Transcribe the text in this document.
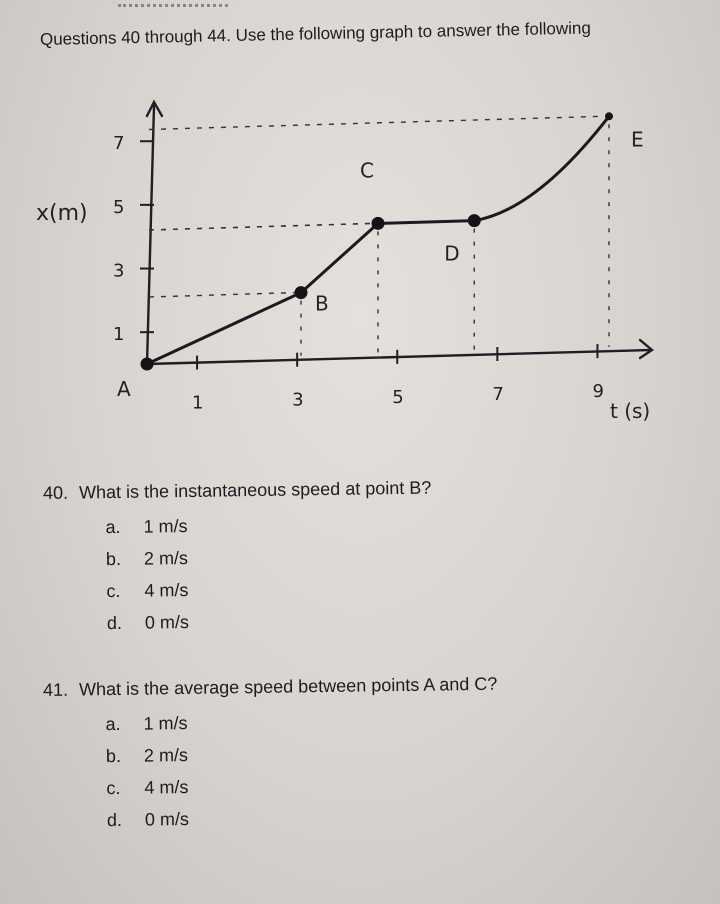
Questions 40 through 44. Use the following graph to answer the following
A
B
C
D
E
1	3	5	7	9
7
5
3
1
x(m)
t (s)
40. What is the instantaneous speed at point B?
a. 1 m/s
b. 2 m/s
c. 4 m/s
d. 0 m/s
41. What is the average speed between points A and C?
a. 1 m/s
b. 2 m/s
c. 4 m/s
d. 0 m/s
